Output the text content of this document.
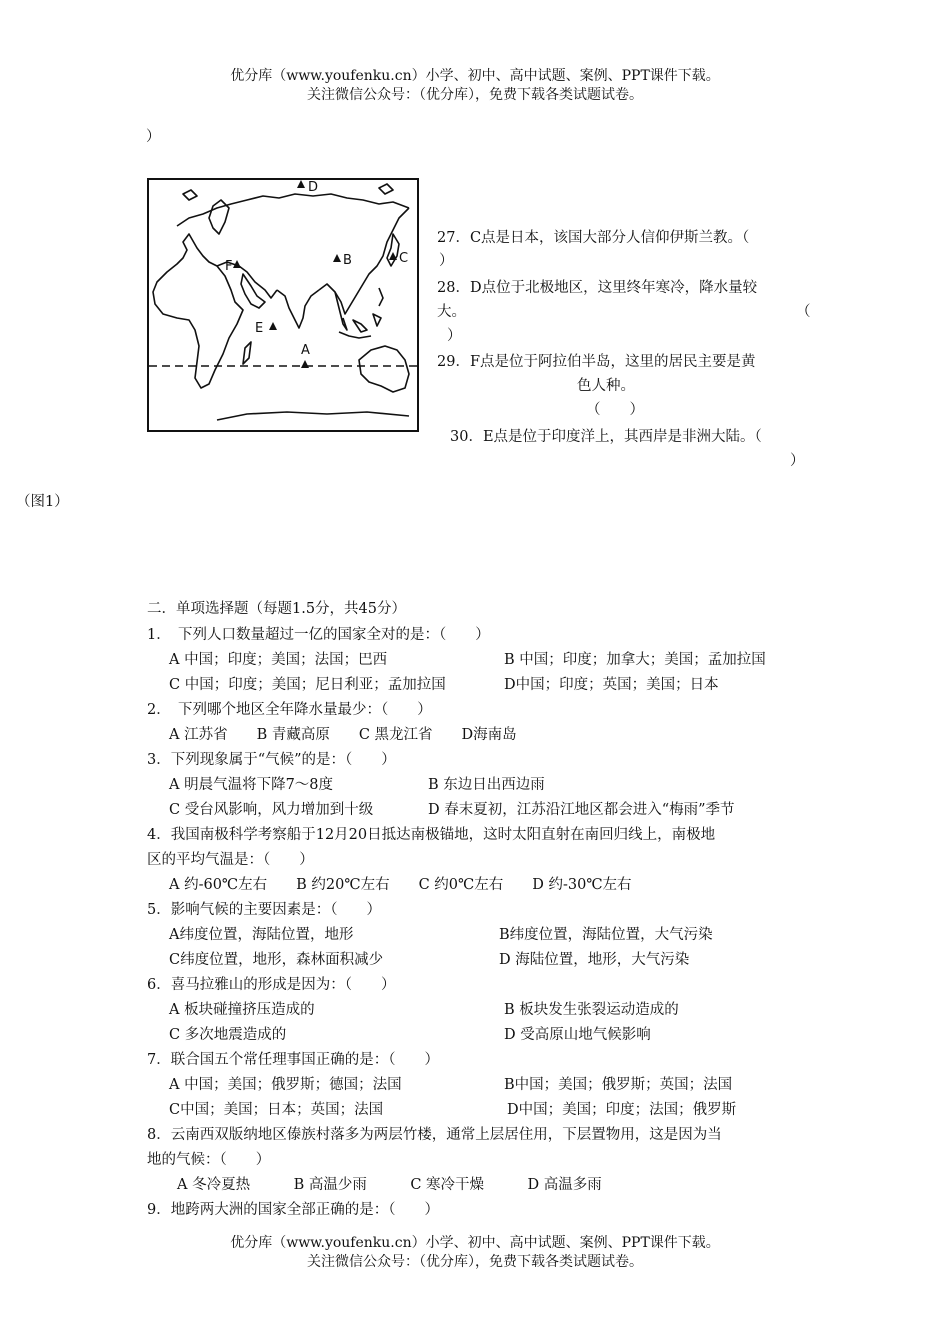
优分库（www.youfenku.cn）小学、初中、高中试题、案例、PPT课件下载。
关注微信公众号：（优分库），免费下载各类试题试卷。
）
D
B	C
F
E
A
27．C点是日本，该国大部分人信仰伊斯兰教。（
）
28．D点位于北极地区，这里终年寒冷，降水量较
大。	（
）
29．F点是位于阿拉伯半岛，这里的居民主要是黄
色人种。
（　　）
30．E点是位于印度洋上，其西岸是非洲大陆。（
）
（图1）
二．单项选择题（每题1.5分，共45分）
1．　下列人口数量超过一亿的国家全对的是：（　　）
A 中国；印度；美国；法国；巴西	B 中国；印度；加拿大；美国；孟加拉国
C 中国；印度；美国；尼日利亚；孟加拉国	D中国；印度；英国；美国；日本
2．　下列哪个地区全年降水量最少：（　　）
A 江苏省　　B 青藏高原　　C 黑龙江省　　D海南岛
3．下列现象属于“气候”的是：（　　）
A 明晨气温将下降7～8度	B 东边日出西边雨
C 受台风影响，风力增加到十级	D 春末夏初，江苏沿江地区都会进入“梅雨”季节
4．我国南极科学考察船于12月20日抵达南极锚地，这时太阳直射在南回归线上，南极地
区的平均气温是：（　　）
A 约-60℃左右　　B 约20℃左右　　C 约0℃左右　　D 约-30℃左右
5．影响气候的主要因素是：（　　）
A纬度位置，海陆位置，地形	B纬度位置，海陆位置，大气污染
C纬度位置，地形，森林面积减少	D 海陆位置，地形，大气污染
6．喜马拉雅山的形成是因为：（　　）
A 板块碰撞挤压造成的	B 板块发生张裂运动造成的
C 多次地震造成的	D 受高原山地气候影响
7．联合国五个常任理事国正确的是：（　　）
A 中国；美国；俄罗斯；德国；法国	B中国；美国；俄罗斯；英国；法国
C中国；美国；日本；英国；法国	D中国；美国；印度；法国；俄罗斯
8．云南西双版纳地区傣族村落多为两层竹楼，通常上层居住用，下层置物用，这是因为当
地的气候：（　　）
A 冬冷夏热　　　B 高温少雨　　　C 寒冷干燥　　　D 高温多雨
9．地跨两大洲的国家全部正确的是：（　　）
优分库（www.youfenku.cn）小学、初中、高中试题、案例、PPT课件下载。
关注微信公众号：（优分库），免费下载各类试题试卷。
